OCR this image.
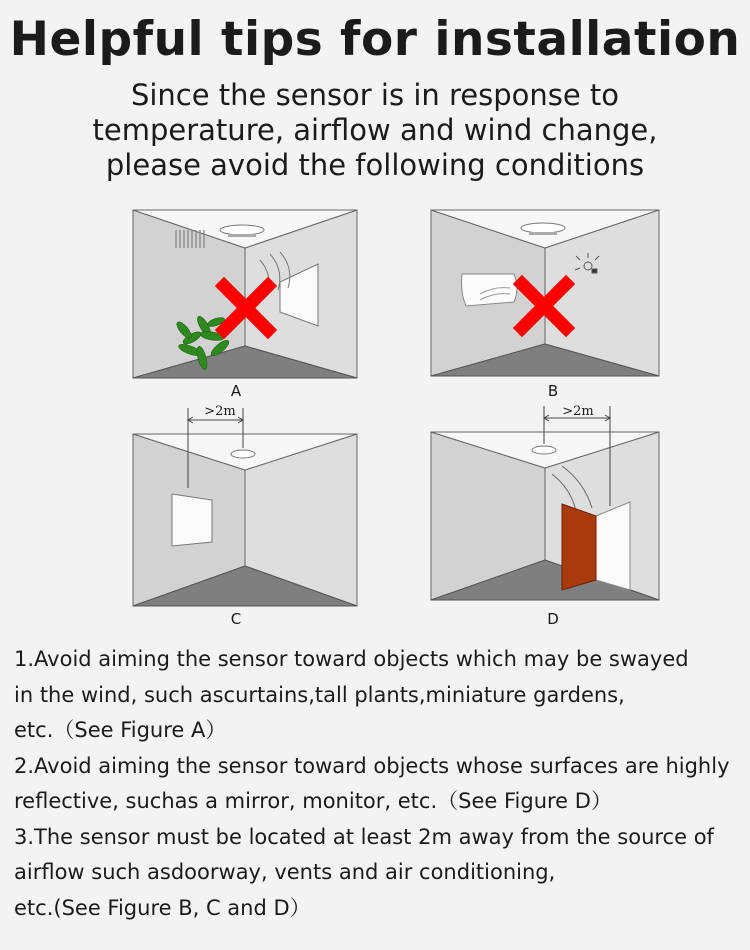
Helpful tips for installation
Since the sensor is in response to
temperature, airflow and wind change,
please avoid the following conditions
A	B
>2m
C
>2m
D
1.Avoid aiming the sensor toward objects which may be swayed
in the wind, such ascurtains,tall plants,miniature gardens,
etc.（See Figure A）
2.Avoid aiming the sensor toward objects whose surfaces are highly
reflective, suchas a mirror, monitor, etc.（See Figure D）
3.The sensor must be located at least 2m away from the source of
airflow such asdoorway, vents and air conditioning,
etc.(See Figure B, C and D）
